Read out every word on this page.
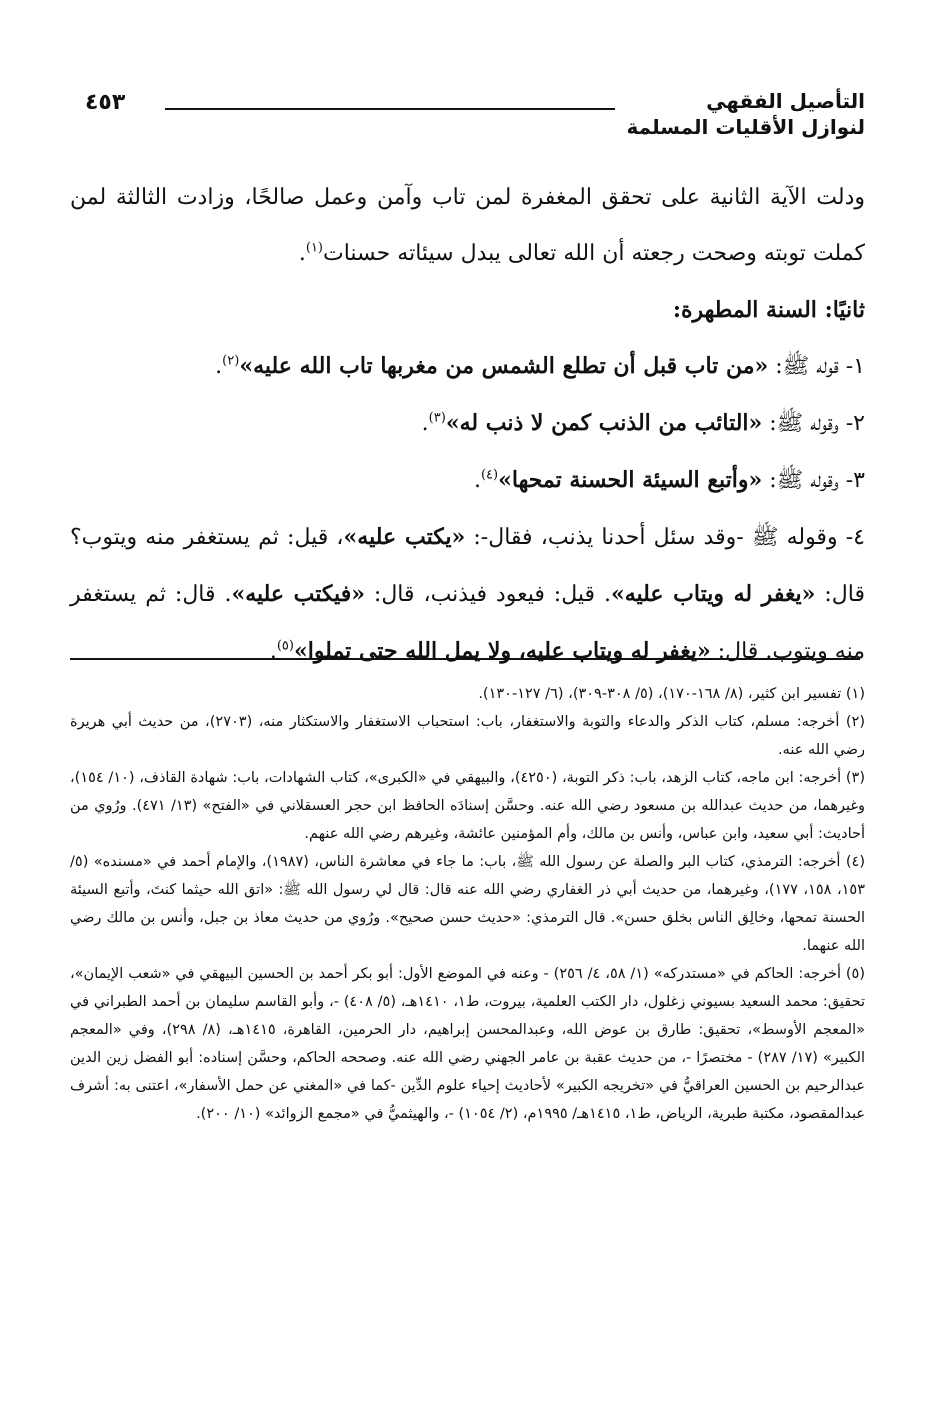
التأصيل الفقهي
لنوازل الأقليات المسلمة
٤٥٣

ودلت الآية الثانية على تحقق المغفرة لمن تاب وآمن وعمل صالحًا، وزادت الثالثة لمن كملت توبته وصحت رجعته أن الله تعالى يبدل سيئاته حسنات$^{(١)}$.

ثانيًا: السنة المطهرة:

١- قوله ﷺ: «من تاب قبل أن تطلع الشمس من مغربها تاب الله عليه»$^{(٢)}$.

٢- وقوله ﷺ: «التائب من الذنب كمن لا ذنب له»$^{(٣)}$.

٣- وقوله ﷺ: «وأتبع السيئة الحسنة تمحها»$^{(٤)}$.

٤- وقوله ﷺ -وقد سئل أحدنا يذنب، فقال-: «يكتب عليه»، قيل: ثم يستغفر منه ويتوب؟ قال: «يغفر له ويتاب عليه». قيل: فيعود فيذنب، قال: «فيكتب عليه». قال: ثم يستغفر منه ويتوب. قال: «يغفر له ويتاب عليه، ولا يمل الله حتى تملوا»$^{(٥)}$.

(١) تفسير ابن كثير، (٨/ ١٦٨-١٧٠)، (٥/ ٣٠٨-٣٠٩)، (٦/ ١٢٧-١٣٠).

(٢) أخرجه: مسلم، كتاب الذكر والدعاء والتوبة والاستغفار، باب: استحباب الاستغفار والاستكثار منه، (٢٧٠٣)، من حديث أبي هريرة رضي الله عنه.

(٣) أخرجه: ابن ماجه، كتاب الزهد، باب: ذكر التوبة، (٤٢٥٠)، والبيهقي في «الكبرى»، كتاب الشهادات، باب: شهادة القاذف، (١٠/ ١٥٤)، وغيرهما، من حديث عبدالله بن مسعود رضي الله عنه. وحسَّن إسنادَه الحافظ ابن حجر العسقلاني في «الفتح» (١٣/ ٤٧١). ورُوي من أحاديث: أبي سعيد، وابن عباس، وأنس بن مالك، وأم المؤمنين عائشة، وغيرهم رضي الله عنهم.

(٤) أخرجه: الترمذي، كتاب البر والصلة عن رسول الله ﷺ، باب: ما جاء في معاشرة الناس، (١٩٨٧)، والإمام أحمد في «مسنده» (٥/ ١٥٣، ١٥٨، ١٧٧)، وغيرهما، من حديث أبي ذر الغفاري رضي الله عنه قال: قال لي رسول الله ﷺ: «اتق الله حيثما كنتَ، وأتبع السيئة الحسنة تمحها، وخالِق الناس بخلق حسن». قال الترمذي: «حديث حسن صحيح». ورُوي من حديث معاذ بن جبل، وأنس بن مالك رضي الله عنهما.

(٥) أخرجه: الحاكم في «مستدركه» (١/ ٥٨، ٤/ ٢٥٦) - وعنه في الموضع الأول: أبو بكر أحمد بن الحسين البيهقي في «شعب الإيمان»، تحقيق: محمد السعيد بسيوني زغلول، دار الكتب العلمية، بيروت، ط١، ١٤١٠هـ، (٥/ ٤٠٨) -، وأبو القاسم سليمان بن أحمد الطبراني في «المعجم الأوسط»، تحقيق: طارق بن عوض الله، وعبدالمحسن إبراهيم، دار الحرمين، القاهرة، ١٤١٥هـ، (٨/ ٢٩٨)، وفي «المعجم الكبير» (١٧/ ٢٨٧) - مختصرًا -، من حديث عقبة بن عامر الجهني رضي الله عنه. وصححه الحاكم، وحسَّن إسناده: أبو الفضل زين الدين عبدالرحيم بن الحسين العراقيُّ في «تخريجه الكبير» لأحاديث إحياء علوم الدِّين -كما في «المغني عن حمل الأسفار»، اعتنى به: أشرف عبدالمقصود، مكتبة طبرية، الرياض، ط١، ١٤١٥هـ/ ١٩٩٥م، (٢/ ١٠٥٤) -، والهيثميُّ في «مجمع الزوائد» (١٠/ ٢٠٠).
